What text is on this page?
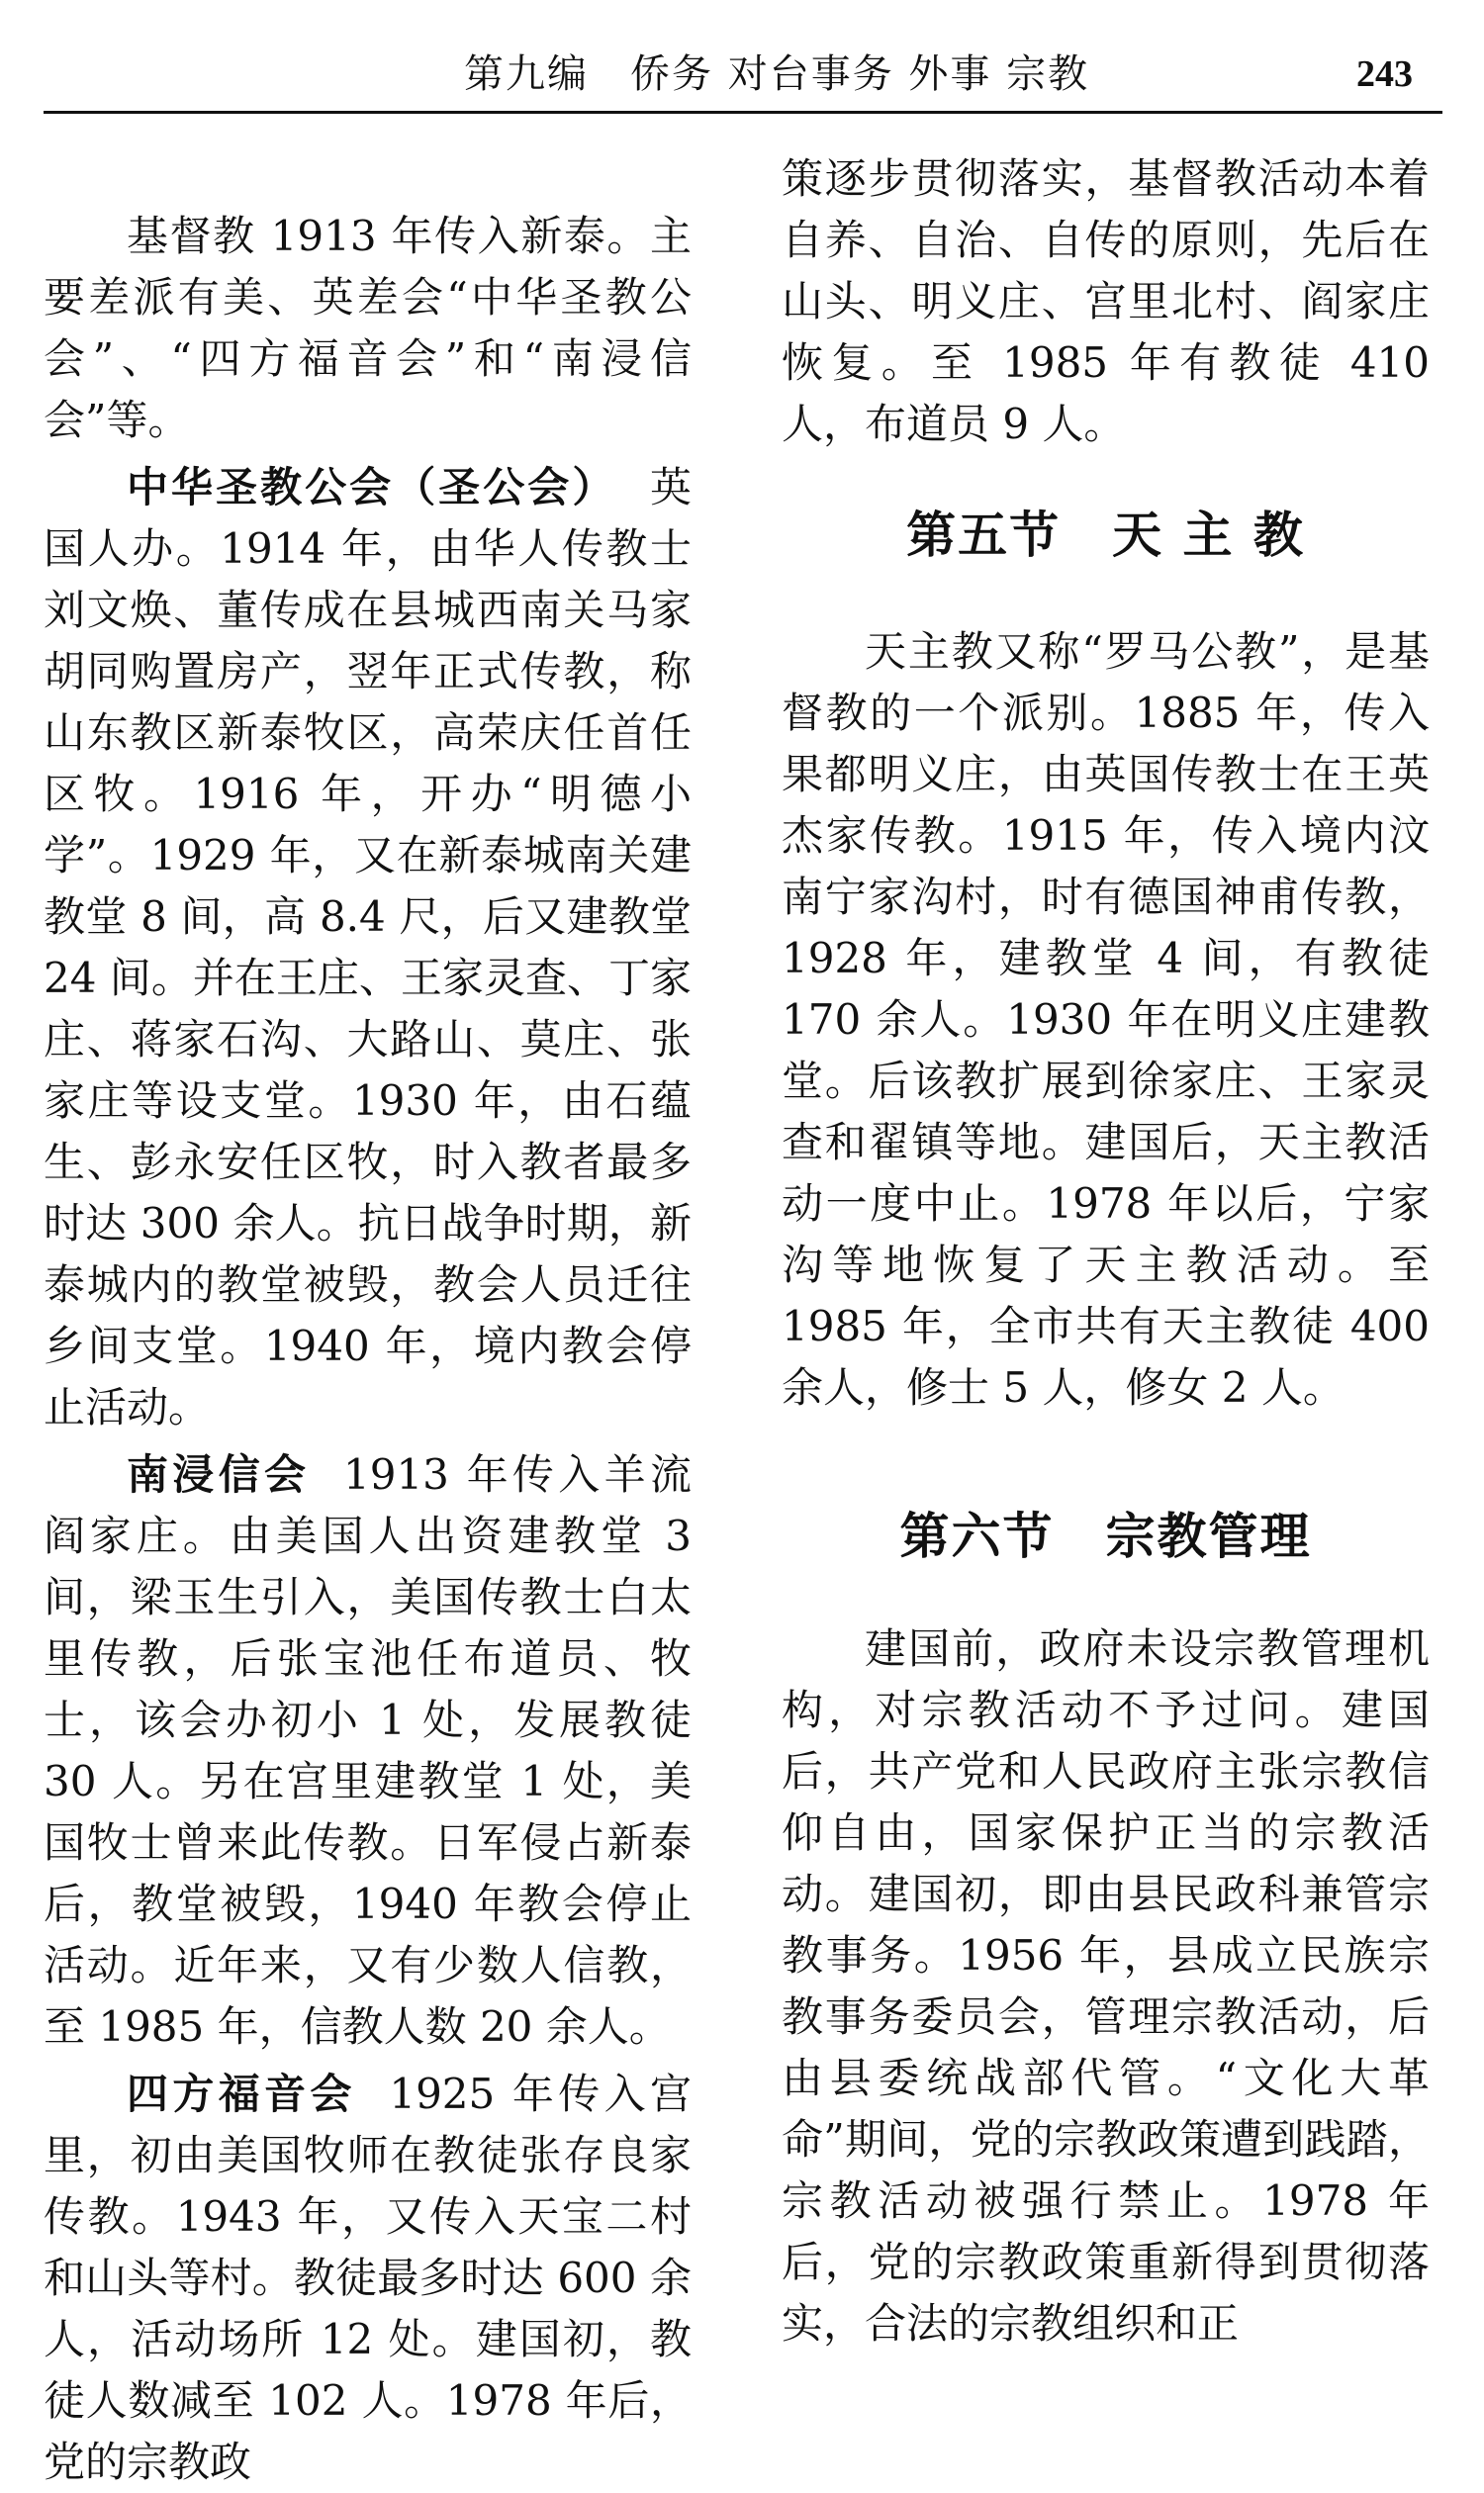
第九编　侨务 对台事务 外事 宗教	243

基督教 1913 年传入新泰。主要差派有美、英差会“中华圣教公会”、“四方福音会”和“南浸信会”等。

中华圣教公会（圣公会） 英国人办。1914 年，由华人传教士刘文焕、董传成在县城西南关马家胡同购置房产，翌年正式传教，称山东教区新泰牧区，高荣庆任首任区牧。1916 年，开办“明德小学”。1929 年，又在新泰城南关建教堂 8 间，高 8.4 尺，后又建教堂 24 间。并在王庄、王家灵查、丁家庄、蒋家石沟、大路山、莫庄、张家庄等设支堂。1930 年，由石蕴生、彭永安任区牧，时入教者最多时达 300 余人。抗日战争时期，新泰城内的教堂被毁，教会人员迁往乡间支堂。1940 年，境内教会停止活动。

南浸信会 1913 年传入羊流阎家庄。由美国人出资建教堂 3 间，梁玉生引入，美国传教士白太里传教，后张宝池任布道员、牧士，该会办初小 1 处，发展教徒 30 人。另在宫里建教堂 1 处，美国牧士曾来此传教。日军侵占新泰后，教堂被毁，1940 年教会停止活动。近年来，又有少数人信教，至 1985 年，信教人数 20 余人。

四方福音会 1925 年传入宫里，初由美国牧师在教徒张存良家传教。1943 年，又传入天宝二村和山头等村。教徒最多时达 600 余人，活动场所 12 处。建国初，教徒人数减至 102 人。1978 年后，党的宗教政

策逐步贯彻落实，基督教活动本着自养、自治、自传的原则，先后在山头、明义庄、宫里北村、阎家庄恢复。至 1985 年有教徒 410 人，布道员 9 人。

第五节　天 主 教

天主教又称“罗马公教”，是基督教的一个派别。1885 年，传入果都明义庄，由英国传教士在王英杰家传教。1915 年，传入境内汶南宁家沟村，时有德国神甫传教，1928 年，建教堂 4 间，有教徒 170 余人。1930 年在明义庄建教堂。后该教扩展到徐家庄、王家灵查和翟镇等地。建国后，天主教活动一度中止。1978 年以后，宁家沟等地恢复了天主教活动。至 1985 年，全市共有天主教徒 400 余人，修士 5 人，修女 2 人。

第六节　宗教管理

建国前，政府未设宗教管理机构，对宗教活动不予过问。建国后，共产党和人民政府主张宗教信仰自由，国家保护正当的宗教活动。建国初，即由县民政科兼管宗教事务。1956 年，县成立民族宗教事务委员会，管理宗教活动，后由县委统战部代管。“文化大革命”期间，党的宗教政策遭到践踏，宗教活动被强行禁止。1978 年后，党的宗教政策重新得到贯彻落实，合法的宗教组织和正
